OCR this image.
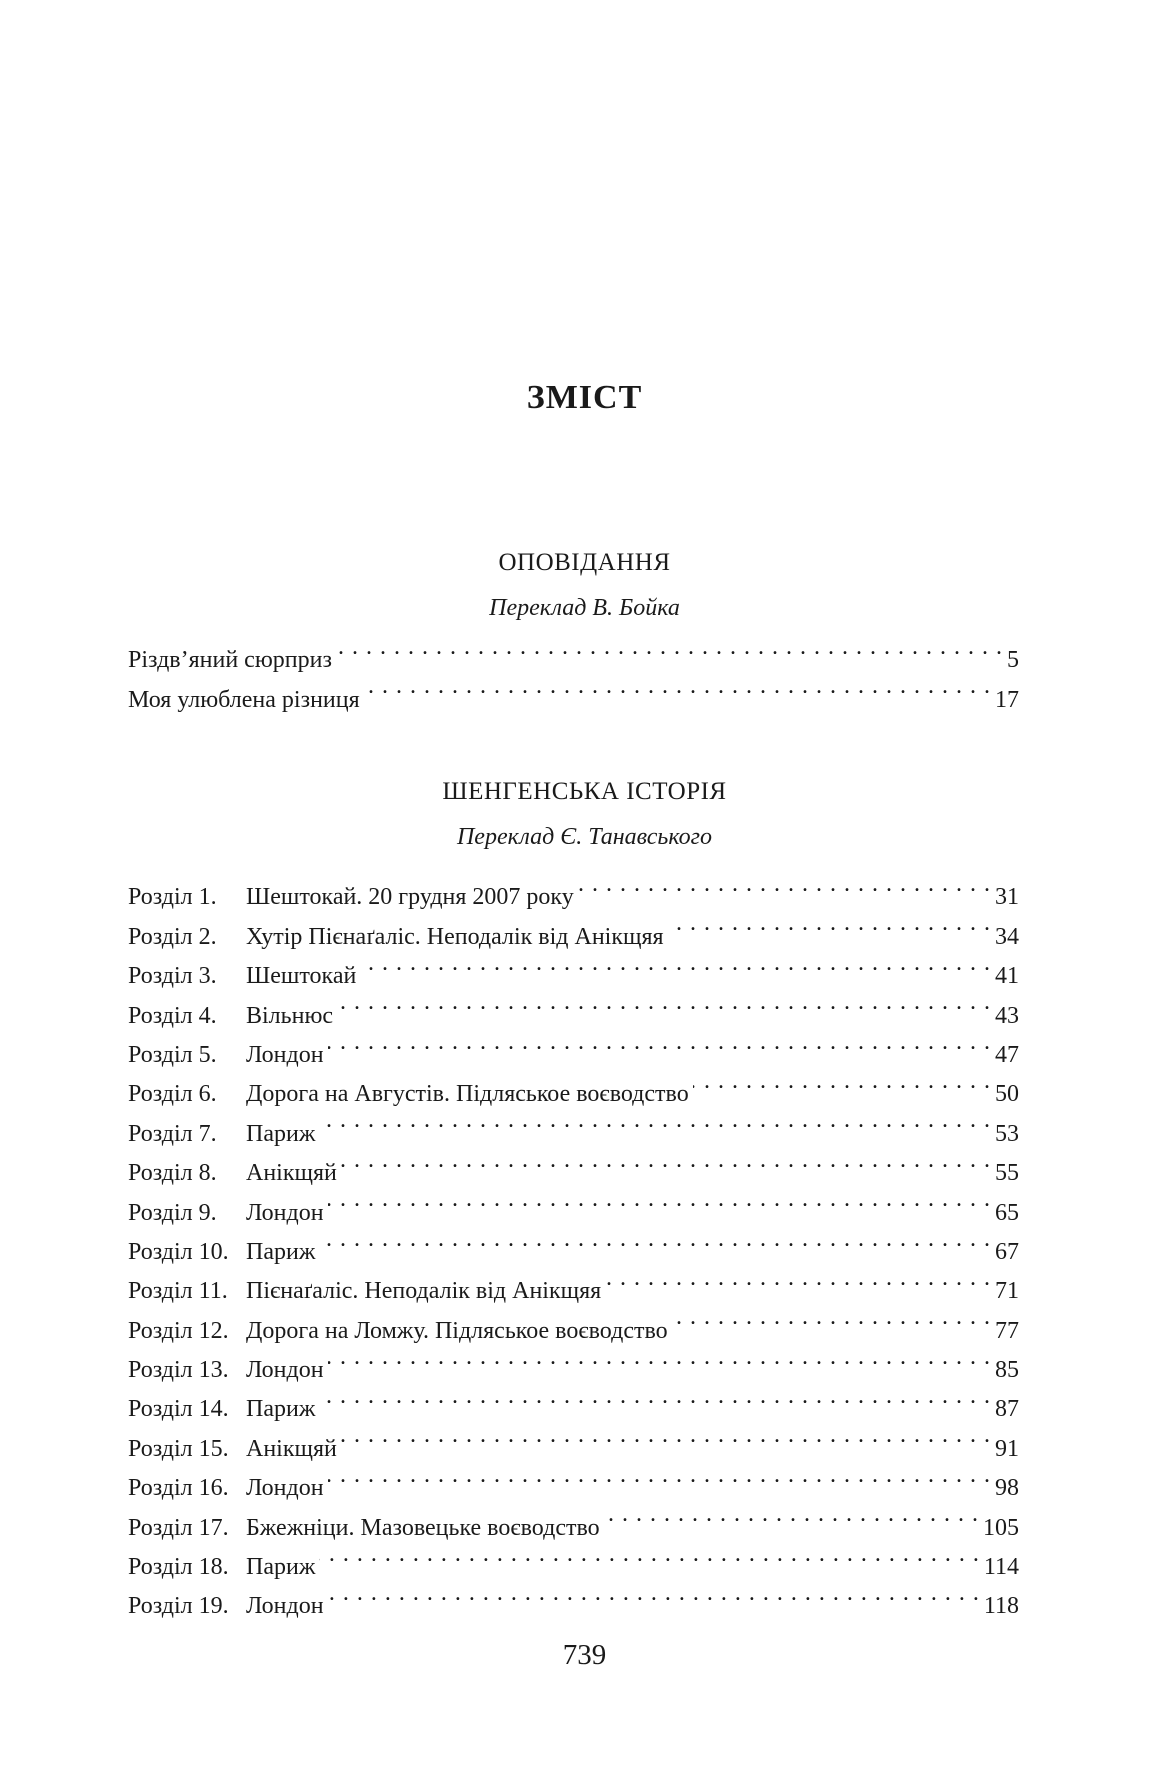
ЗМІСТ
ОПОВІДАННЯ
Переклад В. Бойка
Різдв’яний сюрприз . . .	5
Моя улюблена різниця . . .	17
ШЕНГЕНСЬКА ІСТОРІЯ
Переклад Є. Танавського
Розділ 1.	Шештокай. 20 грудня 2007 року . . .	31
Розділ 2.	Хутір Пієнаґаліс. Неподалік від Анікщяя . . .	34
Розділ 3.	Шештокай . . .	41
Розділ 4.	Вільнюс . . .	43
Розділ 5.	Лондон . . .	47
Розділ 6.	Дорога на Августів. Підляськое воєводство . . .	50
Розділ 7.	Париж . . .	53
Розділ 8.	Анікщяй . . .	55
Розділ 9.	Лондон . . .	65
Розділ 10. Париж . . .	67
Розділ 11. Пієнаґаліс. Неподалік від Анікщяя . . .	71
Розділ 12. Дорога на Ломжу. Підляськое воєводство . . .	77
Розділ 13. Лондон . . .	85
Розділ 14. Париж . . .	87
Розділ 15. Анікщяй . . .	91
Розділ 16. Лондон . . .	98
Розділ 17. Бжежніци. Мазовецьке воєводство . . .	105
Розділ 18. Париж . . .	114
Розділ 19. Лондон . . .	118
739
